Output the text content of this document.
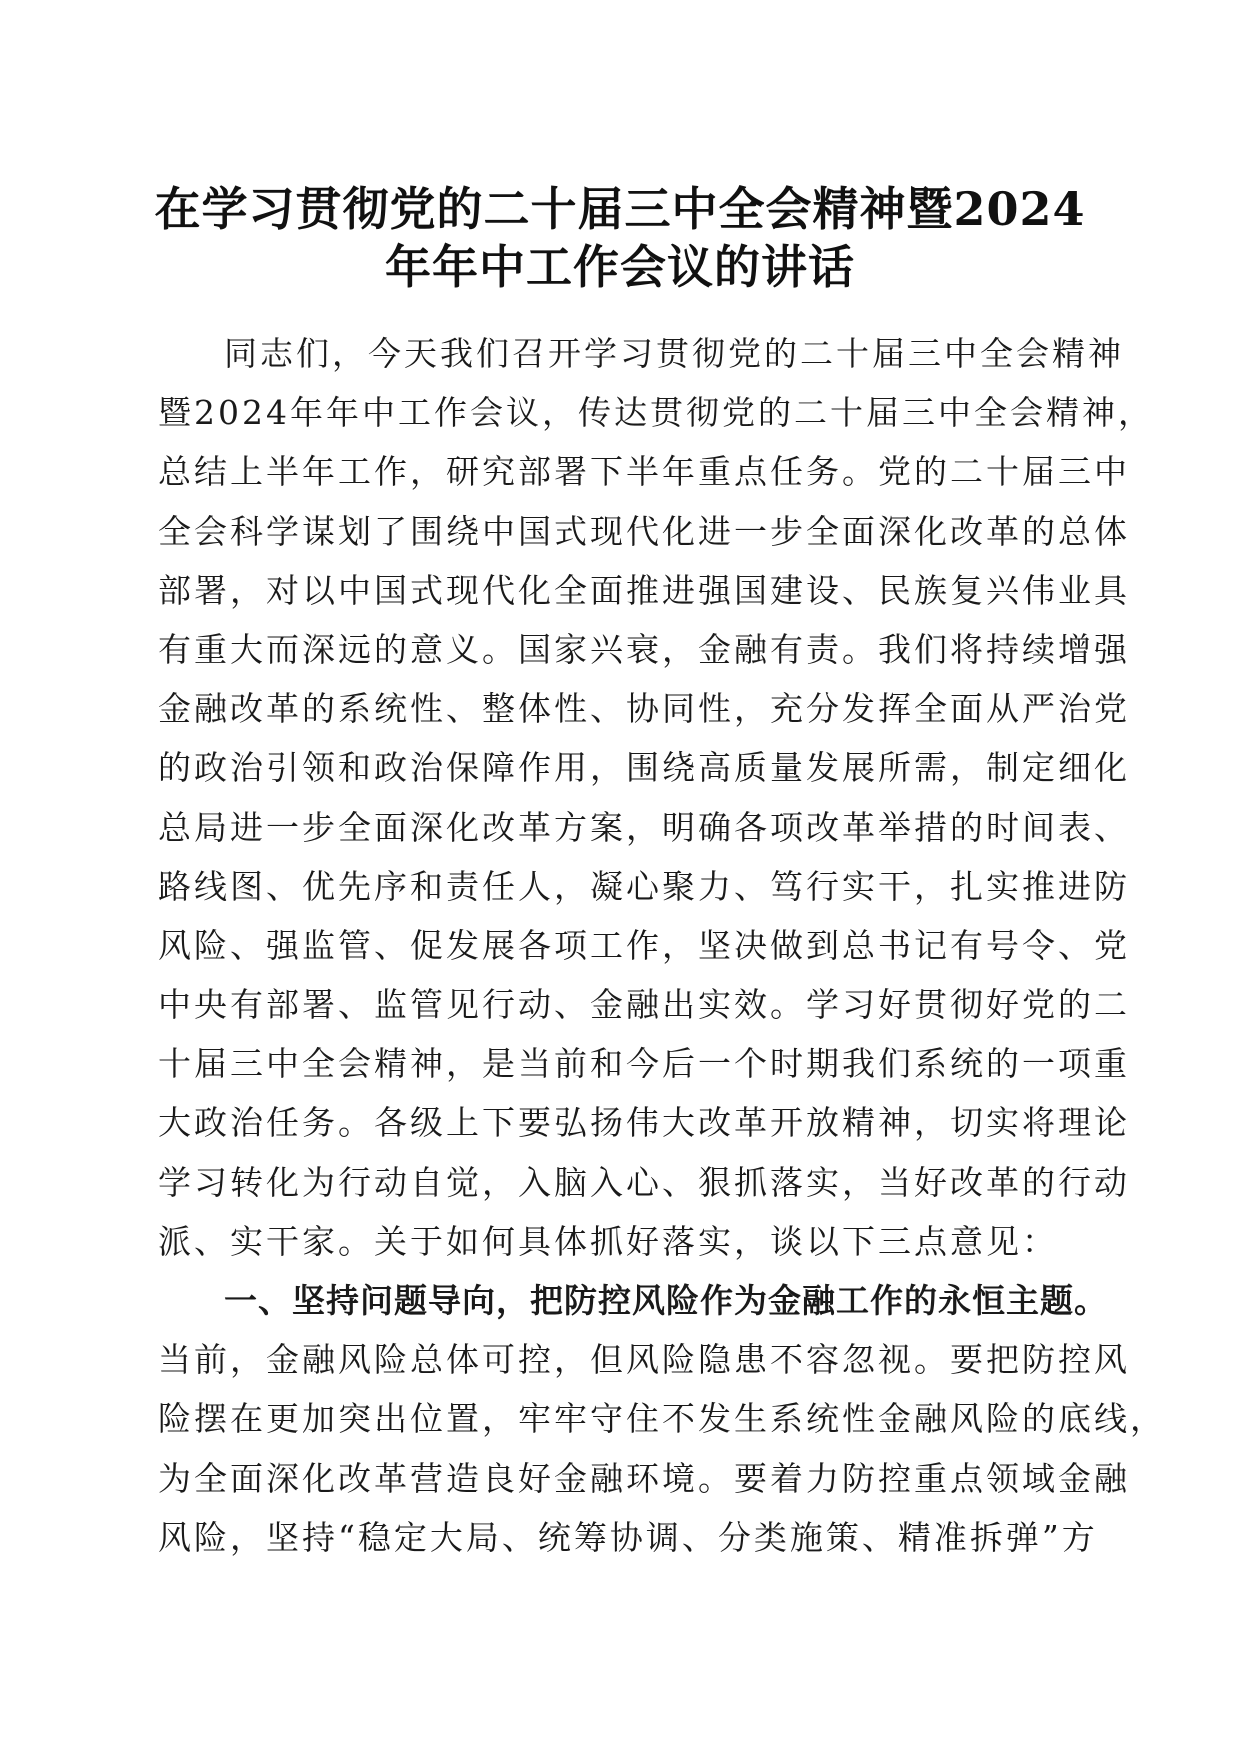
在学习贯彻党的二十届三中全会精神暨2024
年年中工作会议的讲话
同志们，今天我们召开学习贯彻党的二十届三中全会精神
暨2024年年中工作会议，传达贯彻党的二十届三中全会精神，
总结上半年工作，研究部署下半年重点任务。党的二十届三中
全会科学谋划了围绕中国式现代化进一步全面深化改革的总体
部署，对以中国式现代化全面推进强国建设、民族复兴伟业具
有重大而深远的意义。国家兴衰，金融有责。我们将持续增强
金融改革的系统性、整体性、协同性，充分发挥全面从严治党
的政治引领和政治保障作用，围绕高质量发展所需，制定细化
总局进一步全面深化改革方案，明确各项改革举措的时间表、
路线图、优先序和责任人，凝心聚力、笃行实干，扎实推进防
风险、强监管、促发展各项工作，坚决做到总书记有号令、党
中央有部署、监管见行动、金融出实效。学习好贯彻好党的二
十届三中全会精神，是当前和今后一个时期我们系统的一项重
大政治任务。各级上下要弘扬伟大改革开放精神，切实将理论
学习转化为行动自觉，入脑入心、狠抓落实，当好改革的行动
派、实干家。关于如何具体抓好落实，谈以下三点意见：
一、坚持问题导向，把防控风险作为金融工作的永恒主题。
当前，金融风险总体可控，但风险隐患不容忽视。要把防控风
险摆在更加突出位置，牢牢守住不发生系统性金融风险的底线，
为全面深化改革营造良好金融环境。要着力防控重点领域金融
风险，坚持“稳定大局、统筹协调、分类施策、精准拆弹”方
